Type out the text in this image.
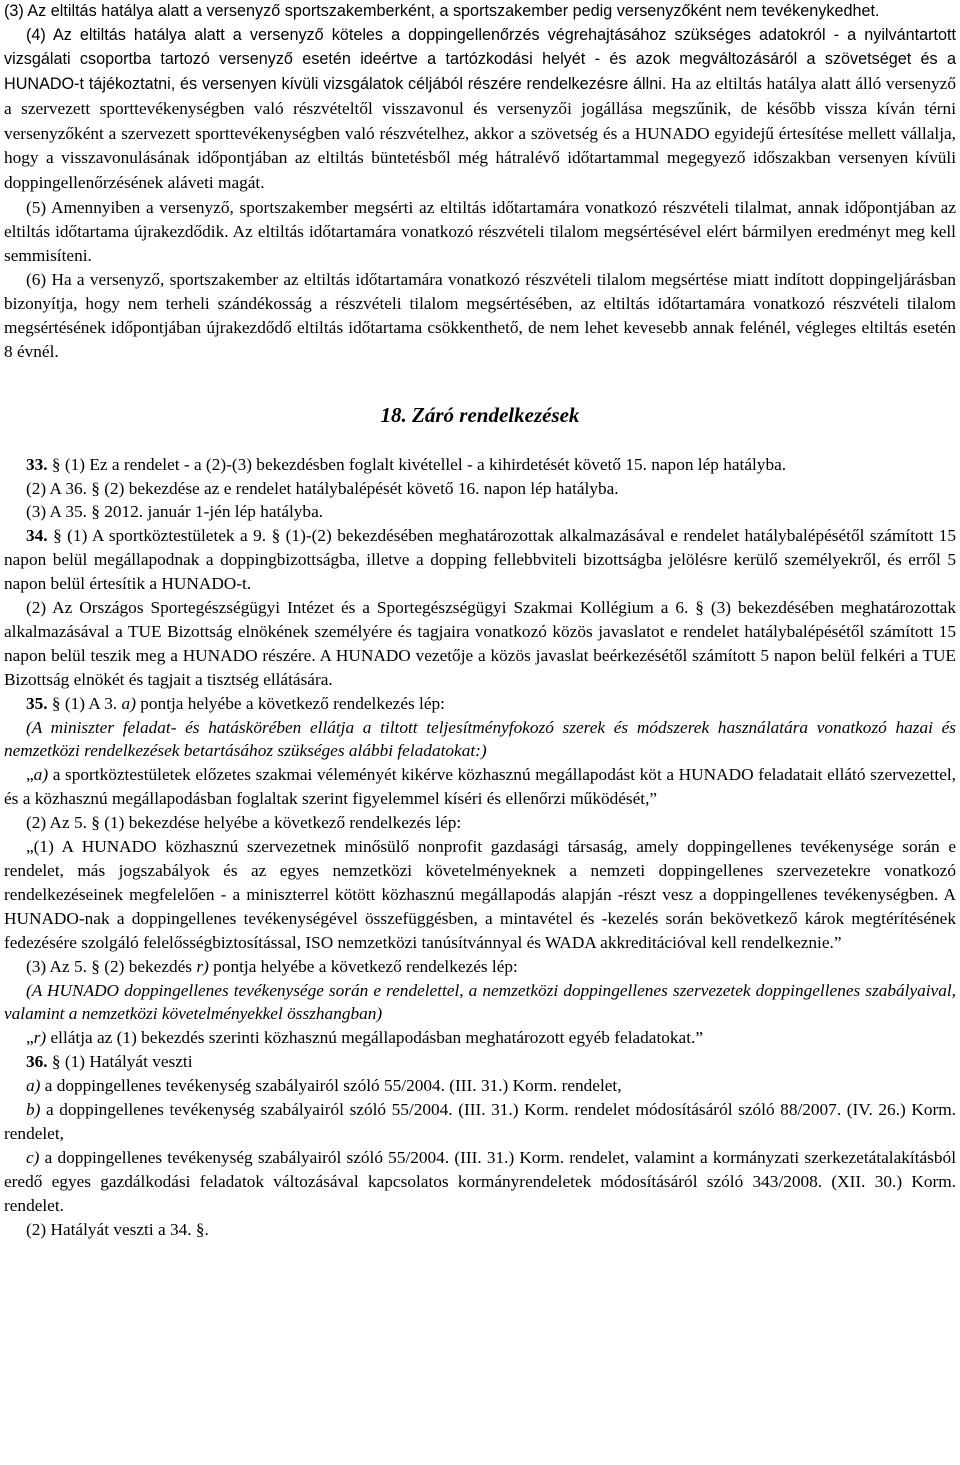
(3) Az eltiltás hatálya alatt a versenyző sportszakemberként, a sportszakember pedig versenyzőként nem tevékenykedhet.

(4) Az eltiltás hatálya alatt a versenyző köteles a doppingellenőrzés végrehajtásához szükséges adatokról - a nyilvántartott vizsgálati csoportba tartozó versenyző esetén ideértve a tartózkodási helyét - és azok megváltozásáról a szövetséget és a HUNADO-t tájékoztatni, és versenyen kívüli vizsgálatok céljából részére rendelkezésre állni. Ha az eltiltás hatálya alatt álló versenyző a szervezett sporttevékenységben való részvételtől visszavonul és versenyzői jogállása megszűnik, de később vissza kíván térni versenyzőként a szervezett sporttevékenységben való részvételhez, akkor a szövetség és a HUNADO egyidejű értesítése mellett vállalja, hogy a visszavonulásának időpontjában az eltiltás büntetésből még hátralévő időtartammal megegyező időszakban versenyen kívüli doppingellenőrzésének aláveti magát.

(5) Amennyiben a versenyző, sportszakember megsérti az eltiltás időtartamára vonatkozó részvételi tilalmat, annak időpontjában az eltiltás időtartama újrakezdődik. Az eltiltás időtartamára vonatkozó részvételi tilalom megsértésével elért bármilyen eredményt meg kell semmisíteni.

(6) Ha a versenyző, sportszakember az eltiltás időtartamára vonatkozó részvételi tilalom megsértése miatt indított doppingeljárásban bizonyítja, hogy nem terheli szándékosság a részvételi tilalom megsértésében, az eltiltás időtartamára vonatkozó részvételi tilalom megsértésének időpontjában újrakezdődő eltiltás időtartama csökkenthető, de nem lehet kevesebb annak felénél, végleges eltiltás esetén 8 évnél.

18. Záró rendelkezések

33. § (1) Ez a rendelet - a (2)-(3) bekezdésben foglalt kivétellel - a kihirdetését követő 15. napon lép hatályba.

(2) A 36. § (2) bekezdése az e rendelet hatálybalépését követő 16. napon lép hatályba.

(3) A 35. § 2012. január 1-jén lép hatályba.

34. § (1) A sportköztestületek a 9. § (1)-(2) bekezdésében meghatározottak alkalmazásával e rendelet hatálybalépésétől számított 15 napon belül megállapodnak a doppingbizottságba, illetve a dopping fellebbviteli bizottságba jelölésre kerülő személyekről, és erről 5 napon belül értesítik a HUNADO-t.

(2) Az Országos Sportegészségügyi Intézet és a Sportegészségügyi Szakmai Kollégium a 6. § (3) bekezdésében meghatározottak alkalmazásával a TUE Bizottság elnökének személyére és tagjaira vonatkozó közös javaslatot e rendelet hatálybalépésétől számított 15 napon belül teszik meg a HUNADO részére. A HUNADO vezetője a közös javaslat beérkezésétől számított 5 napon belül felkéri a TUE Bizottság elnökét és tagjait a tisztség ellátására.

35. § (1) A 3. a) pontja helyébe a következő rendelkezés lép:

(A miniszter feladat- és hatáskörében ellátja a tiltott teljesítményfokozó szerek és módszerek használatára vonatkozó hazai és nemzetközi rendelkezések betartásához szükséges alábbi feladatokat:)

„a) a sportköztestületek előzetes szakmai véleményét kikérve közhasznú megállapodást köt a HUNADO feladatait ellátó szervezettel, és a közhasznú megállapodásban foglaltak szerint figyelemmel kíséri és ellenőrzi működését,”

(2) Az 5. § (1) bekezdése helyébe a következő rendelkezés lép:

„(1) A HUNADO közhasznú szervezetnek minősülő nonprofit gazdasági társaság, amely doppingellenes tevékenysége során e rendelet, más jogszabályok és az egyes nemzetközi követelményeknek a nemzeti doppingellenes szervezetekre vonatkozó rendelkezéseinek megfelelően - a miniszterrel kötött közhasznú megállapodás alapján -részt vesz a doppingellenes tevékenységben. A HUNADO-nak a doppingellenes tevékenységével összefüggésben, a mintavétel és -kezelés során bekövetkező károk megtérítésének fedezésére szolgáló felelősségbiztosítással, ISO nemzetközi tanúsítvánnyal és WADA akkreditációval kell rendelkeznie.”

(3) Az 5. § (2) bekezdés r) pontja helyébe a következő rendelkezés lép:

(A HUNADO doppingellenes tevékenysége során e rendelettel, a nemzetközi doppingellenes szervezetek doppingellenes szabályaival, valamint a nemzetközi követelményekkel összhangban)

„r) ellátja az (1) bekezdés szerinti közhasznú megállapodásban meghatározott egyéb feladatokat.”

36. § (1) Hatályát veszti

a) a doppingellenes tevékenység szabályairól szóló 55/2004. (III. 31.) Korm. rendelet,

b) a doppingellenes tevékenység szabályairól szóló 55/2004. (III. 31.) Korm. rendelet módosításáról szóló 88/2007. (IV. 26.) Korm. rendelet,

c) a doppingellenes tevékenység szabályairól szóló 55/2004. (III. 31.) Korm. rendelet, valamint a kormányzati szerkezetátalakításból eredő egyes gazdálkodási feladatok változásával kapcsolatos kormányrendeletek módosításáról szóló 343/2008. (XII. 30.) Korm. rendelet.

(2) Hatályát veszti a 34. §.
